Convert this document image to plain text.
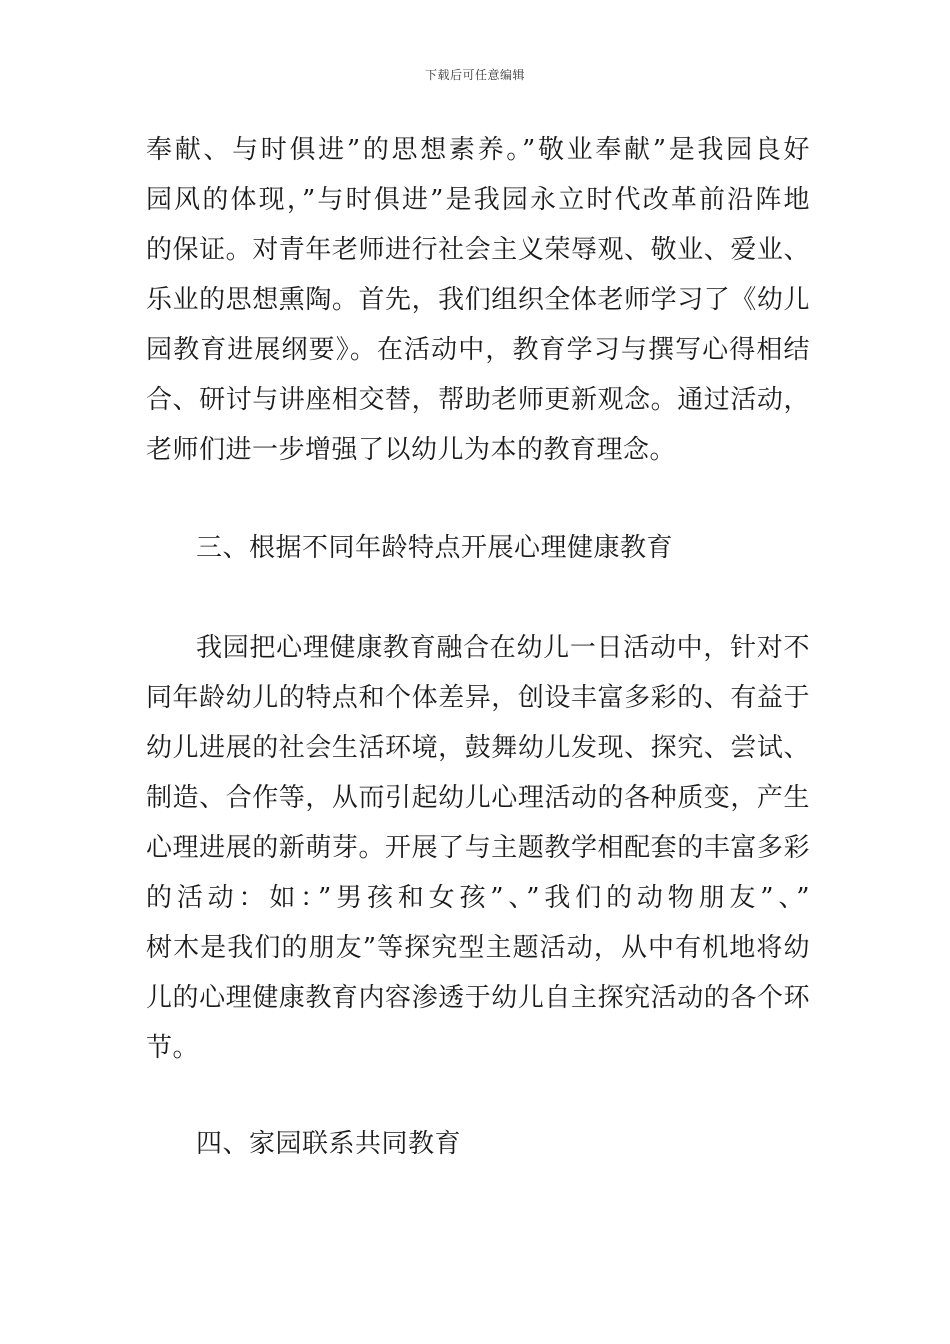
下载后可任意编辑
奉献、与时俱进”的思想素养。”敬业奉献”是我园良好
园风的体现，”与时俱进”是我园永立时代改革前沿阵地
的保证。对青年老师进行社会主义荣辱观、敬业、爱业、
乐业的思想熏陶。首先，我们组织全体老师学习了《幼儿
园教育进展纲要》。在活动中，教育学习与撰写心得相结
合、研讨与讲座相交替，帮助老师更新观念。通过活动，
老师们进一步增强了以幼儿为本的教育理念。
三、根据不同年龄特点开展心理健康教育
我园把心理健康教育融合在幼儿一日活动中，针对不
同年龄幼儿的特点和个体差异，创设丰富多彩的、有益于
幼儿进展的社会生活环境，鼓舞幼儿发现、探究、尝试、
制造、合作等，从而引起幼儿心理活动的各种质变，产生
心理进展的新萌芽。开展了与主题教学相配套的丰富多彩
的活动：如：”男孩和女孩”、”我们的动物朋友”、”
树木是我们的朋友”等探究型主题活动，从中有机地将幼
儿的心理健康教育内容渗透于幼儿自主探究活动的各个环
节。
四、家园联系共同教育
